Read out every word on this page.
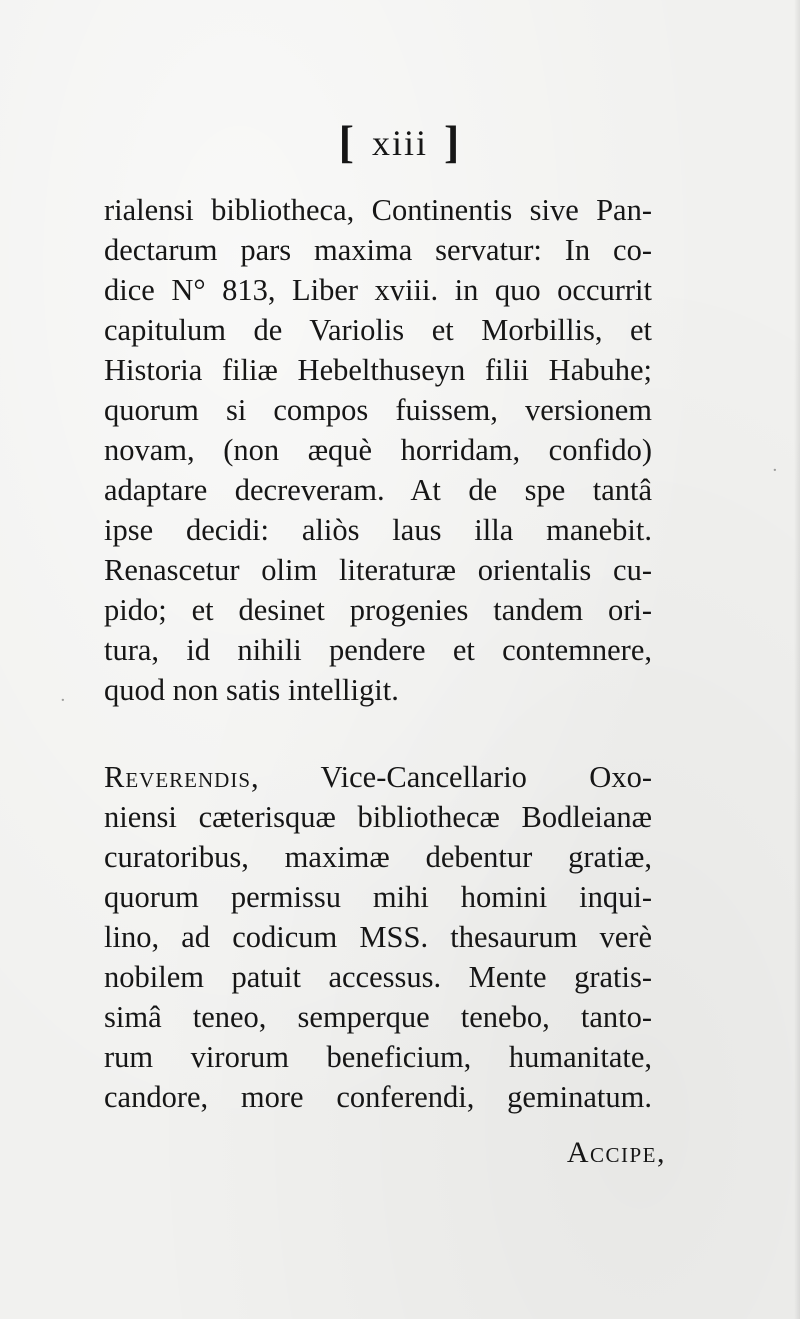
[ xiii ]
rialensi bibliotheca, Continentis sive Pan-
dectarum pars maxima servatur: In co-
dice N° 813, Liber xviii. in quo occurrit
capitulum de Variolis et Morbillis, et
Historia filiæ Hebelthuseyn filii Habuhe;
quorum si compos fuissem, versionem
novam, (non æquè horridam, confido)
adaptare decreveram. At de spe tantâ
ipse decidi: aliòs laus illa manebit.
Renascetur olim literaturæ orientalis cu-
pido; et desinet progenies tandem ori-
tura, id nihili pendere et contemnere,
quod non satis intelligit.
Reverendis, Vice-Cancellario Oxo-
niensi cæterisquæ bibliothecæ Bodleianæ
curatoribus, maximæ debentur gratiæ,
quorum permissu mihi homini inqui-
lino, ad codicum MSS. thesaurum verè
nobilem patuit accessus. Mente gratis-
simâ teneo, semperque tenebo, tanto-
rum virorum beneficium, humanitate,
candore, more conferendi, geminatum.
Accipe,
·
·
